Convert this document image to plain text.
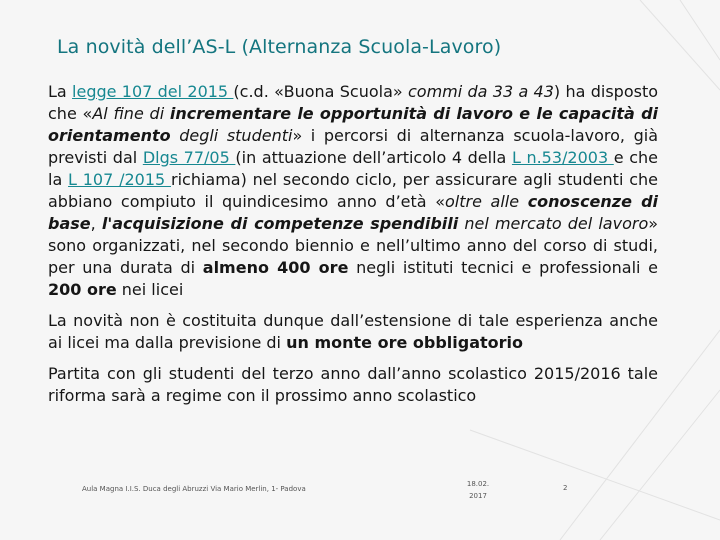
La novità dell’AS-L (Alternanza Scuola-Lavoro)

La legge 107 del 2015 (c.d. «Buona Scuola» commi da 33 a 43) ha disposto che «Al fine di incrementare le opportunità di lavoro e le capacità di orientamento degli studenti» i percorsi di alternanza scuola-lavoro, già previsti dal Dlgs 77/05 (in attuazione dell’articolo 4 della L n.53/2003 e che la L 107 /2015 richiama) nel secondo ciclo, per assicurare agli studenti che abbiano compiuto il quindicesimo anno d’età «oltre alle conoscenze di base, l'acquisizione di competenze spendibili nel mercato del lavoro» sono organizzati, nel secondo biennio e nell’ultimo anno del corso di studi, per una durata di almeno 400 ore negli istituti tecnici e professionali e 200 ore nei licei

La novità non è costituita dunque dall’estensione di tale esperienza anche ai licei ma dalla previsione di un monte ore obbligatorio

Partita con gli studenti del terzo anno dall’anno scolastico 2015/2016 tale riforma sarà a regime con il prossimo anno scolastico

Aula Magna I.I.S. Duca degli Abruzzi Via Mario Merlin, 1- Padova
18.02.2017
2
